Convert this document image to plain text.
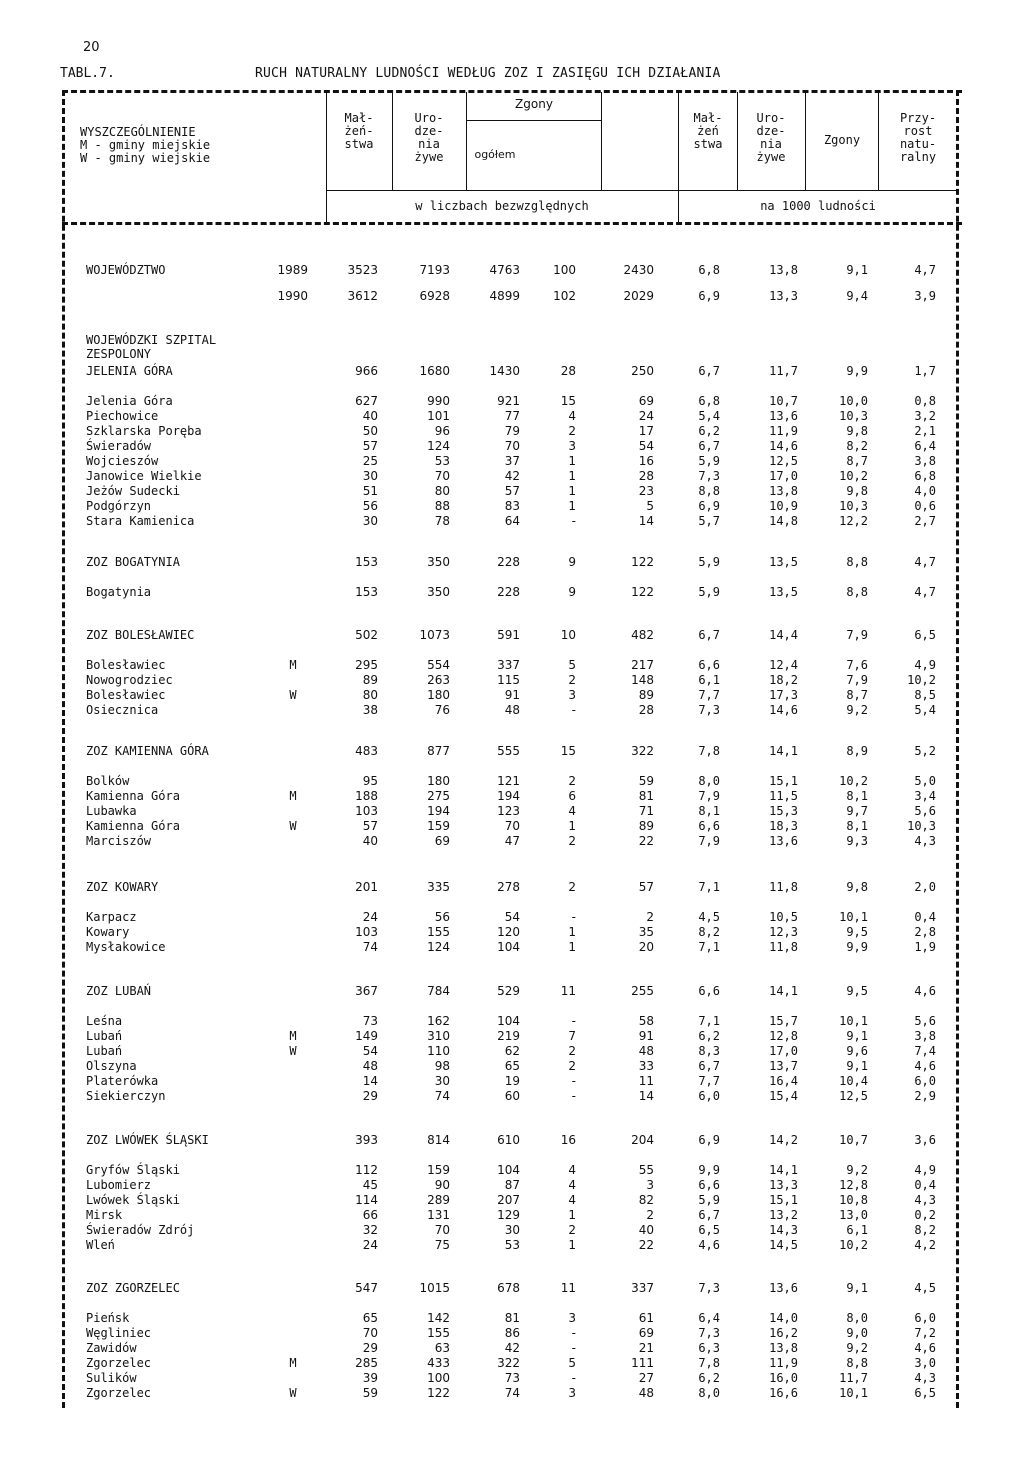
20
TABL.7.	RUCH NATURALNY LUDNOŚCI WEDŁUG ZOZ I ZASIĘGU ICH DZIAŁANIA
WYSZCZEGÓLNIENIE
M - gminy miejskie
W - gminy wiejskie
Mał-
żeń-
stwa
Uro-
dze-
nia
żywe
Zgony
ogółem
Mał-
żeń
stwa
Uro-
dze-
nia
żywe
Zgony
Przy-
rost
natu-
ralny
w liczbach bezwzględnych	na 1000 ludności
WOJEWÓDZTWO	1989	3523	7193	4763	100	2430	6,8	13,8	9,1	4,7
1990	3612	6928	4899	102	2029	6,9	13,3	9,4	3,9
WOJEWÓDZKI SZPITAL
ZESPOLONY
JELENIA GÓRA	966	1680	1430	28	250	6,7	11,7	9,9	1,7
Jelenia Góra	627	990	921	15	69	6,8	10,7	10,0	0,8
Piechowice	40	101	77	4	24	5,4	13,6	10,3	3,2
Szklarska Poręba	50	96	79	2	17	6,2	11,9	9,8	2,1
Świeradów	57	124	70	3	54	6,7	14,6	8,2	6,4
Wojcieszów	25	53	37	1	16	5,9	12,5	8,7	3,8
Janowice Wielkie	30	70	42	1	28	7,3	17,0	10,2	6,8
Jeżów Sudecki	51	80	57	1	23	8,8	13,8	9,8	4,0
Podgórzyn	56	88	83	1	5	6,9	10,9	10,3	0,6
Stara Kamienica	30	78	64	-	14	5,7	14,8	12,2	2,7
ZOZ BOGATYNIA	153	350	228	9	122	5,9	13,5	8,8	4,7
Bogatynia	153	350	228	9	122	5,9	13,5	8,8	4,7
ZOZ BOLESŁAWIEC	502	1073	591	10	482	6,7	14,4	7,9	6,5
Bolesławiec	M	295	554	337	5	217	6,6	12,4	7,6	4,9
Nowogrodziec	89	263	115	2	148	6,1	18,2	7,9	10,2
Bolesławiec	W	80	180	91	3	89	7,7	17,3	8,7	8,5
Osiecznica	38	76	48	-	28	7,3	14,6	9,2	5,4
ZOZ KAMIENNA GÓRA	483	877	555	15	322	7,8	14,1	8,9	5,2
Bolków	95	180	121	2	59	8,0	15,1	10,2	5,0
Kamienna Góra	M	188	275	194	6	81	7,9	11,5	8,1	3,4
Lubawka	103	194	123	4	71	8,1	15,3	9,7	5,6
Kamienna Góra	W	57	159	70	1	89	6,6	18,3	8,1	10,3
Marciszów	40	69	47	2	22	7,9	13,6	9,3	4,3
ZOZ KOWARY	201	335	278	2	57	7,1	11,8	9,8	2,0
Karpacz	24	56	54	-	2	4,5	10,5	10,1	0,4
Kowary	103	155	120	1	35	8,2	12,3	9,5	2,8
Mysłakowice	74	124	104	1	20	7,1	11,8	9,9	1,9
ZOZ LUBAŃ	367	784	529	11	255	6,6	14,1	9,5	4,6
Leśna	73	162	104	-	58	7,1	15,7	10,1	5,6
Lubań	M	149	310	219	7	91	6,2	12,8	9,1	3,8
Lubań	W	54	110	62	2	48	8,3	17,0	9,6	7,4
Olszyna	48	98	65	2	33	6,7	13,7	9,1	4,6
Platerówka	14	30	19	-	11	7,7	16,4	10,4	6,0
Siekierczyn	29	74	60	-	14	6,0	15,4	12,5	2,9
ZOZ LWÓWEK ŚLĄSKI	393	814	610	16	204	6,9	14,2	10,7	3,6
Gryfów Śląski	112	159	104	4	55	9,9	14,1	9,2	4,9
Lubomierz	45	90	87	4	3	6,6	13,3	12,8	0,4
Lwówek Śląski	114	289	207	4	82	5,9	15,1	10,8	4,3
Mirsk	66	131	129	1	2	6,7	13,2	13,0	0,2
Świeradów Zdrój	32	70	30	2	40	6,5	14,3	6,1	8,2
Wleń	24	75	53	1	22	4,6	14,5	10,2	4,2
ZOZ ZGORZELEC	547	1015	678	11	337	7,3	13,6	9,1	4,5
Pieńsk	65	142	81	3	61	6,4	14,0	8,0	6,0
Węgliniec	70	155	86	-	69	7,3	16,2	9,0	7,2
Zawidów	29	63	42	-	21	6,3	13,8	9,2	4,6
Zgorzelec	M	285	433	322	5	111	7,8	11,9	8,8	3,0
Sulików	39	100	73	-	27	6,2	16,0	11,7	4,3
Zgorzelec	W	59	122	74	3	48	8,0	16,6	10,1	6,5
